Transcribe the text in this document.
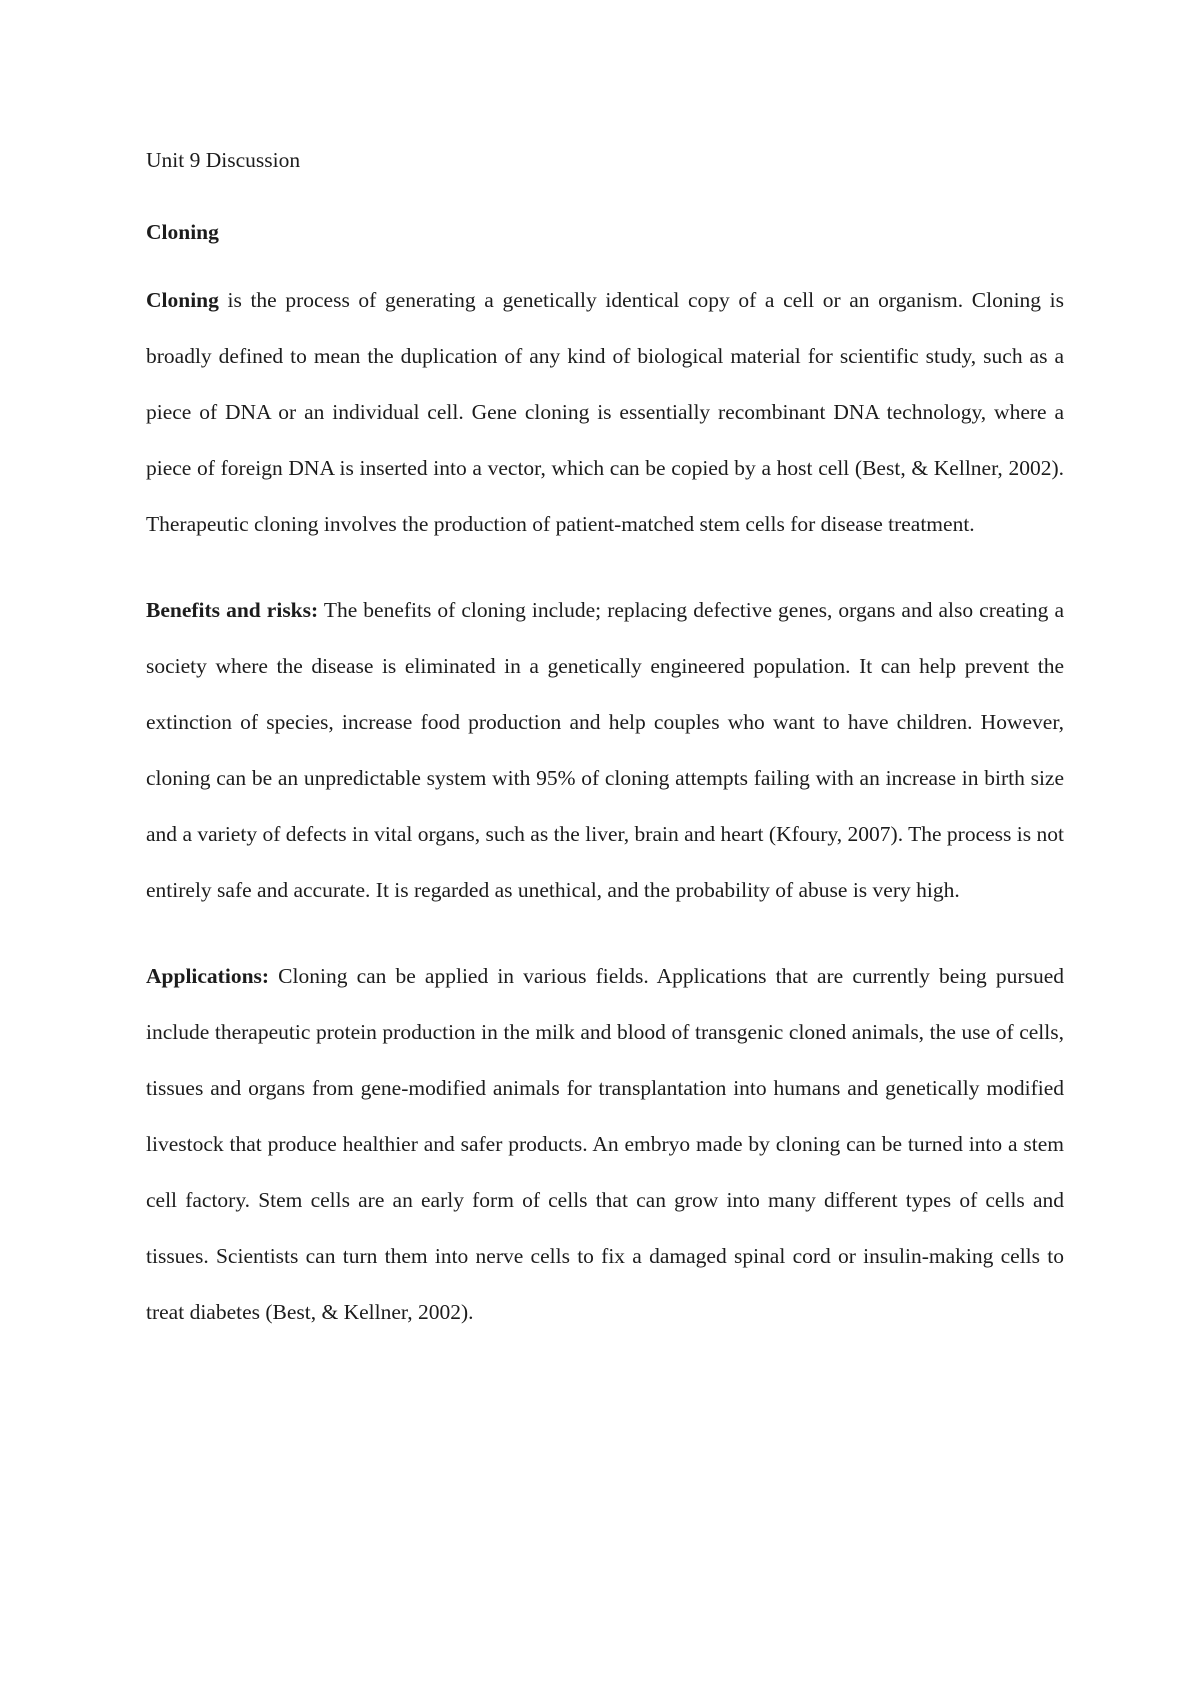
Unit 9 Discussion

Cloning

Cloning is the process of generating a genetically identical copy of a cell or an organism. Cloning is broadly defined to mean the duplication of any kind of biological material for scientific study, such as a piece of DNA or an individual cell. Gene cloning is essentially recombinant DNA technology, where a piece of foreign DNA is inserted into a vector, which can be copied by a host cell (Best, & Kellner, 2002). Therapeutic cloning involves the production of patient-matched stem cells for disease treatment.

Benefits and risks: The benefits of cloning include; replacing defective genes, organs and also creating a society where the disease is eliminated in a genetically engineered population. It can help prevent the extinction of species, increase food production and help couples who want to have children. However, cloning can be an unpredictable system with 95% of cloning attempts failing with an increase in birth size and a variety of defects in vital organs, such as the liver, brain and heart (Kfoury, 2007). The process is not entirely safe and accurate. It is regarded as unethical, and the probability of abuse is very high.

Applications: Cloning can be applied in various fields. Applications that are currently being pursued include therapeutic protein production in the milk and blood of transgenic cloned animals, the use of cells, tissues and organs from gene-modified animals for transplantation into humans and genetically modified livestock that produce healthier and safer products. An embryo made by cloning can be turned into a stem cell factory. Stem cells are an early form of cells that can grow into many different types of cells and tissues. Scientists can turn them into nerve cells to fix a damaged spinal cord or insulin-making cells to treat diabetes (Best, & Kellner, 2002).
